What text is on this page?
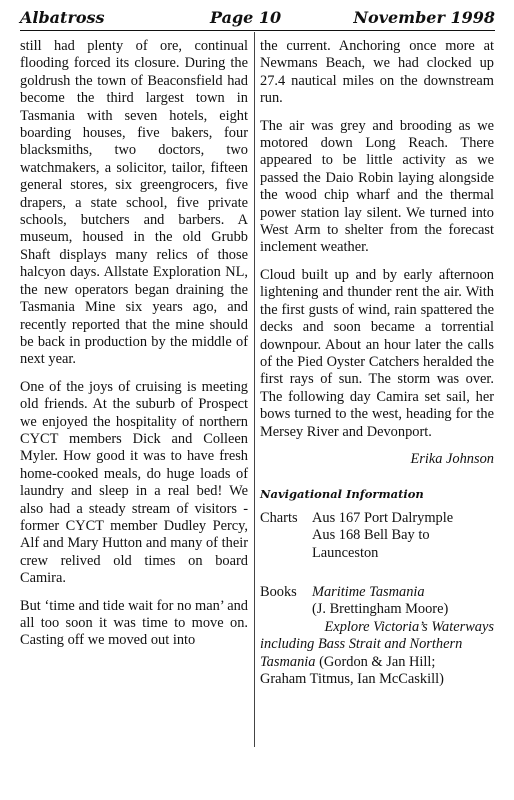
Albatross	Page 10	November 1998

still had plenty of ore, continual flooding forced its closure. During the goldrush the town of Beaconsfield had become the third largest town in Tasmania with seven hotels, eight boarding houses, five bakers, four blacksmiths, two doctors, two watchmakers, a solicitor, tailor, fifteen general stores, six greengrocers, five drapers, a state school, five private schools, butchers and barbers. A museum, housed in the old Grubb Shaft displays many relics of those halcyon days. Allstate Exploration NL, the new operators began draining the Tasmania Mine six years ago, and recently reported that the mine should be back in production by the middle of next year.

One of the joys of cruising is meeting old friends. At the suburb of Prospect we enjoyed the hospitality of northern CYCT members Dick and Colleen Myler. How good it was to have fresh home-cooked meals, do huge loads of laundry and sleep in a real bed! We also had a steady stream of visitors - former CYCT member Dudley Percy, Alf and Mary Hutton and many of their crew relived old times on board Camira.

But ‘time and tide wait for no man’ and all too soon it was time to move on. Casting off we moved out into

the current. Anchoring once more at Newmans Beach, we had clocked up 27.4 nautical miles on the downstream run.

The air was grey and brooding as we motored down Long Reach. There appeared to be little activity as we passed the Daio Robin laying alongside the wood chip wharf and the thermal power station lay silent. We turned into West Arm to shelter from the forecast inclement weather.

Cloud built up and by early afternoon lightening and thunder rent the air. With the first gusts of wind, rain spattered the decks and soon became a torrential downpour. About an hour later the calls of the Pied Oyster Catchers heralded the first rays of sun. The storm was over. The following day Camira set sail, her bows turned to the west, heading for the Mersey River and Devonport.

Erika Johnson
Navigational Information
Charts	Aus 167 Port Dalrymple
Aus 168 Bell Bay to Launceston
Books	Maritime Tasmania
(J. Brettingham Moore)
Explore Victoria’s Waterways
including Bass Strait and Northern
Tasmania (Gordon & Jan Hill;
Graham Titmus, Ian McCaskill)
